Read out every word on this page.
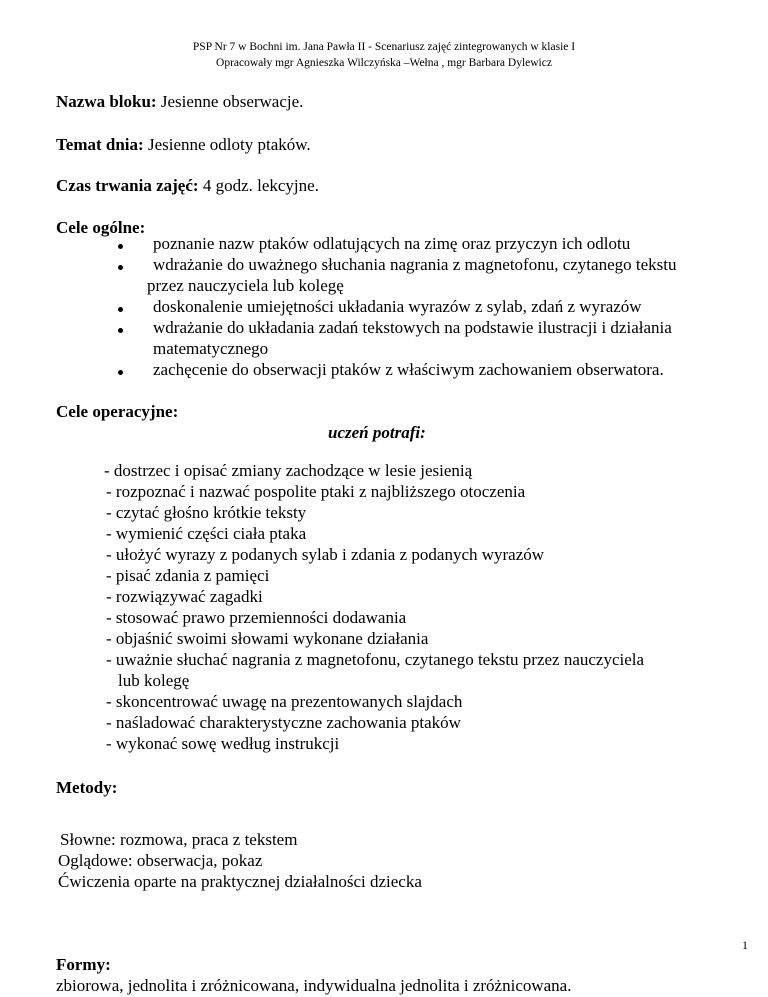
PSP Nr 7 w Bochni im. Jana Pawła II - Scenariusz zajęć zintegrowanych w klasie I
Opracowały mgr Agnieszka Wilczyńska –Wełna , mgr Barbara Dylewicz
Nazwa bloku: Jesienne obserwacje.
Temat dnia: Jesienne odloty ptaków.
Czas trwania zajęć: 4 godz. lekcyjne.
Cele ogólne:
poznanie nazw ptaków odlatujących na zimę oraz przyczyn ich odlotu
wdrażanie do uważnego słuchania nagrania z magnetofonu, czytanego tekstu
przez nauczyciela lub kolegę
doskonalenie umiejętności układania wyrazów z sylab, zdań z wyrazów
wdrażanie do układania zadań tekstowych na podstawie ilustracji i działania
matematycznego
zachęcenie do obserwacji ptaków z właściwym zachowaniem obserwatora.
Cele operacyjne:
uczeń potrafi:
- dostrzec i opisać zmiany zachodzące w lesie jesienią
- rozpoznać i nazwać pospolite ptaki z najbliższego otoczenia
- czytać głośno krótkie teksty
- wymienić części ciała ptaka
- ułożyć wyrazy z podanych sylab i zdania z podanych wyrazów
- pisać zdania z pamięci
- rozwiązywać zagadki
- stosować prawo przemienności dodawania
- objaśnić swoimi słowami wykonane działania
- uważnie słuchać nagrania z magnetofonu, czytanego tekstu przez nauczyciela
lub kolegę
- skoncentrować uwagę na prezentowanych slajdach
- naśladować charakterystyczne zachowania ptaków
- wykonać sowę według instrukcji
Metody:
Słowne: rozmowa, praca z tekstem
Oglądowe: obserwacja, pokaz
Ćwiczenia oparte na praktycznej działalności dziecka
Formy:
zbiorowa, jednolita i zróżnicowana, indywidualna jednolita i zróżnicowana.
1
